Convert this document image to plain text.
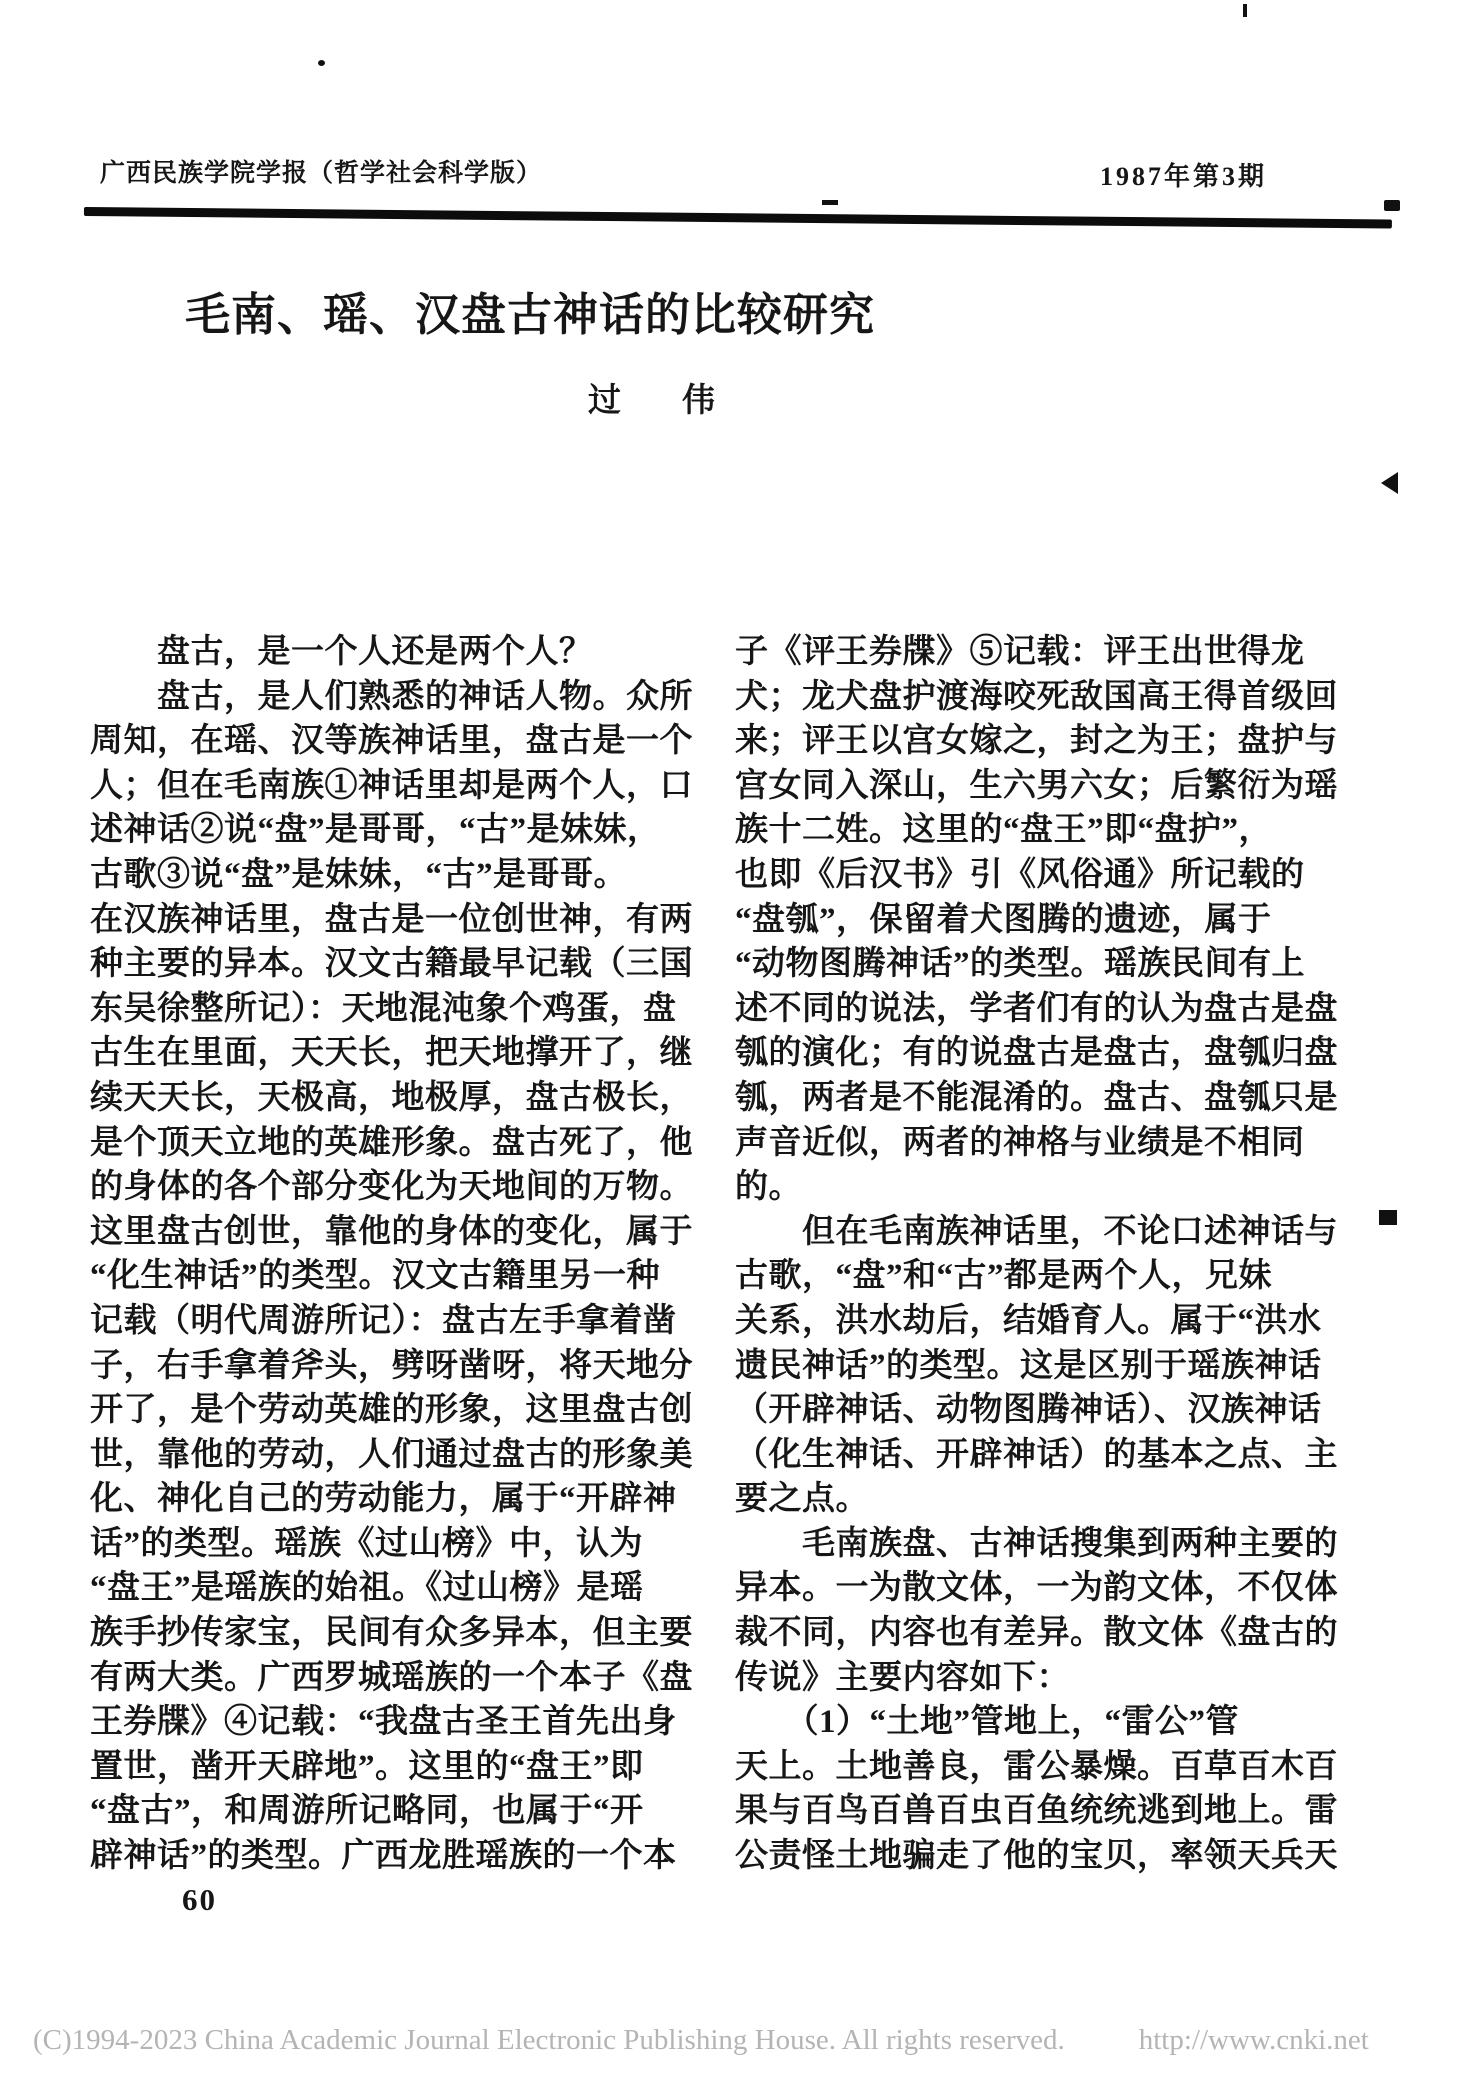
广西民族学院学报（哲学社会科学版）	1987年第3期
毛南、瑶、汉盘古神话的比较研究
过　伟
　　盘古，是一个人还是两个人？
　　盘古，是人们熟悉的神话人物。众所
周知，在瑶、汉等族神话里，盘古是一个
人；但在毛南族①神话里却是两个人，口
述神话②说“盘”是哥哥，“古”是妹妹，
古歌③说“盘”是妹妹，“古”是哥哥。
在汉族神话里，盘古是一位创世神，有两
种主要的异本。汉文古籍最早记载（三国
东吴徐整所记）：天地混沌象个鸡蛋，盘
古生在里面，天天长，把天地撑开了，继
续天天长，天极高，地极厚，盘古极长，
是个顶天立地的英雄形象。盘古死了，他
的身体的各个部分变化为天地间的万物。
这里盘古创世，靠他的身体的变化，属于
“化生神话”的类型。汉文古籍里另一种
记载（明代周游所记）：盘古左手拿着凿
子，右手拿着斧头，劈呀凿呀，将天地分
开了，是个劳动英雄的形象，这里盘古创
世，靠他的劳动，人们通过盘古的形象美
化、神化自己的劳动能力，属于“开辟神
话”的类型。瑶族《过山榜》中，认为
“盘王”是瑶族的始祖。《过山榜》是瑶
族手抄传家宝，民间有众多异本，但主要
有两大类。广西罗城瑶族的一个本子《盘
王券牒》④记载：“我盘古圣王首先出身
置世，凿开天辟地”。这里的“盘王”即
“盘古”，和周游所记略同，也属于“开
辟神话”的类型。广西龙胜瑶族的一个本
子《评王券牒》⑤记载：评王出世得龙
犬；龙犬盘护渡海咬死敌国高王得首级回
来；评王以宫女嫁之，封之为王；盘护与
宫女同入深山，生六男六女；后繁衍为瑶
族十二姓。这里的“盘王”即“盘护”，
也即《后汉书》引《风俗通》所记载的
“盘瓠”，保留着犬图腾的遗迹，属于
“动物图腾神话”的类型。瑶族民间有上
述不同的说法，学者们有的认为盘古是盘
瓠的演化；有的说盘古是盘古，盘瓠归盘
瓠，两者是不能混淆的。盘古、盘瓠只是
声音近似，两者的神格与业绩是不相同
的。
　　但在毛南族神话里，不论口述神话与
古歌，“盘”和“古”都是两个人，兄妹
关系，洪水劫后，结婚育人。属于“洪水
遗民神话”的类型。这是区别于瑶族神话
（开辟神话、动物图腾神话）、汉族神话
（化生神话、开辟神话）的基本之点、主
要之点。
　　毛南族盘、古神话搜集到两种主要的
异本。一为散文体，一为韵文体，不仅体
裁不同，内容也有差异。散文体《盘古的
传说》主要内容如下：
　　（1）“土地”管地上，“雷公”管
天上。土地善良，雷公暴燥。百草百木百
果与百鸟百兽百虫百鱼统统逃到地上。雷
公责怪土地骗走了他的宝贝，率领天兵天
60
(C)1994-2023 China Academic Journal Electronic Publishing House. All rights reserved.	http://www.cnki.net
